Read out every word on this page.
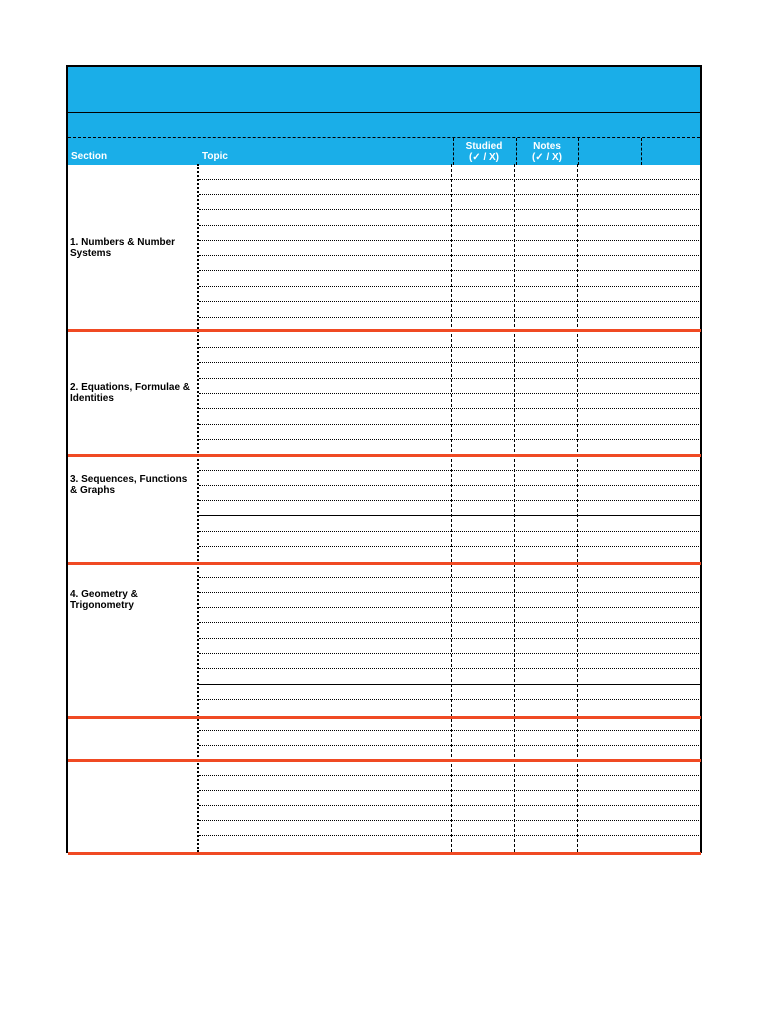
Section	Topic
Studied
(✓ / X)
Notes
(✓ / X)
1. Numbers & Number
Systems
2. Equations, Formulae &
Identities
3. Sequences, Functions
& Graphs
4. Geometry &
Trigonometry
